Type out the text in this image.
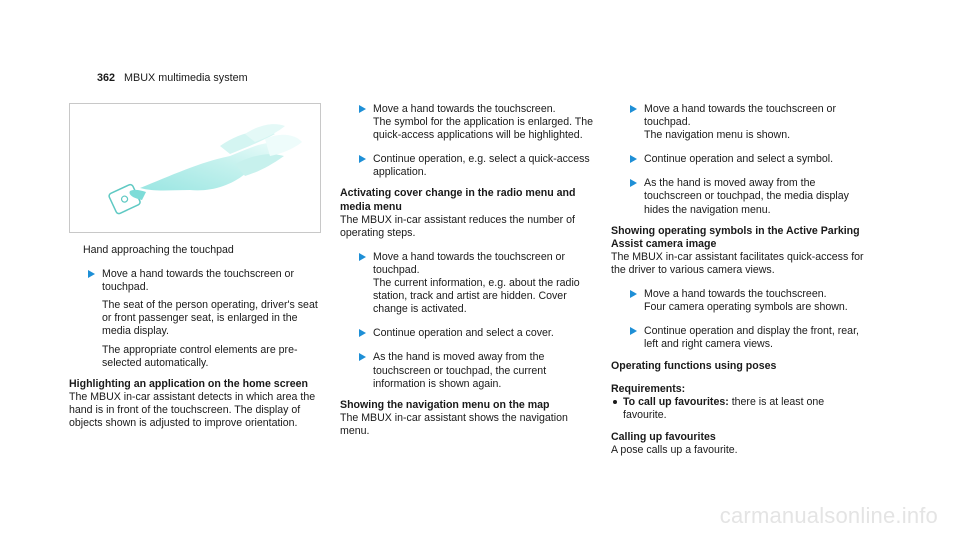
362 MBUX multimedia system
Hand approaching the touchpad

Move a hand towards the touchscreen or touchpad.

The seat of the person operating, driver's seat or front passenger seat, is enlarged in the media display.

The appropriate control elements are pre-selected automatically.

Highlighting an application on the home screen

The MBUX in-car assistant detects in which area the hand is in front of the touchscreen. The display of objects shown is adjusted to improve orientation.

Move a hand towards the touchscreen.

The symbol for the application is enlarged. The quick-access applications will be highlighted.

Continue operation, e.g. select a quick-access application.

Activating cover change in the radio menu and media menu

The MBUX in-car assistant reduces the number of operating steps.

Move a hand towards the touchscreen or touchpad.

The current information, e.g. about the radio station, track and artist are hidden. Cover change is activated.

Continue operation and select a cover.

As the hand is moved away from the touchscreen or touchpad, the current information is shown again.

Showing the navigation menu on the map

The MBUX in-car assistant shows the navigation menu.

Move a hand towards the touchscreen or touchpad.

The navigation menu is shown.

Continue operation and select a symbol.

As the hand is moved away from the touchscreen or touchpad, the media display hides the navigation menu.

Showing operating symbols in the Active Parking Assist camera image

The MBUX in-car assistant facilitates quick-access for the driver to various camera views.

Move a hand towards the touchscreen.

Four camera operating symbols are shown.

Continue operation and display the front, rear, left and right camera views.

Operating functions using poses
Requirements:
To call up favourites: there is at least one favourite.
Calling up favourites

A pose calls up a favourite.

carmanualsonline.info
